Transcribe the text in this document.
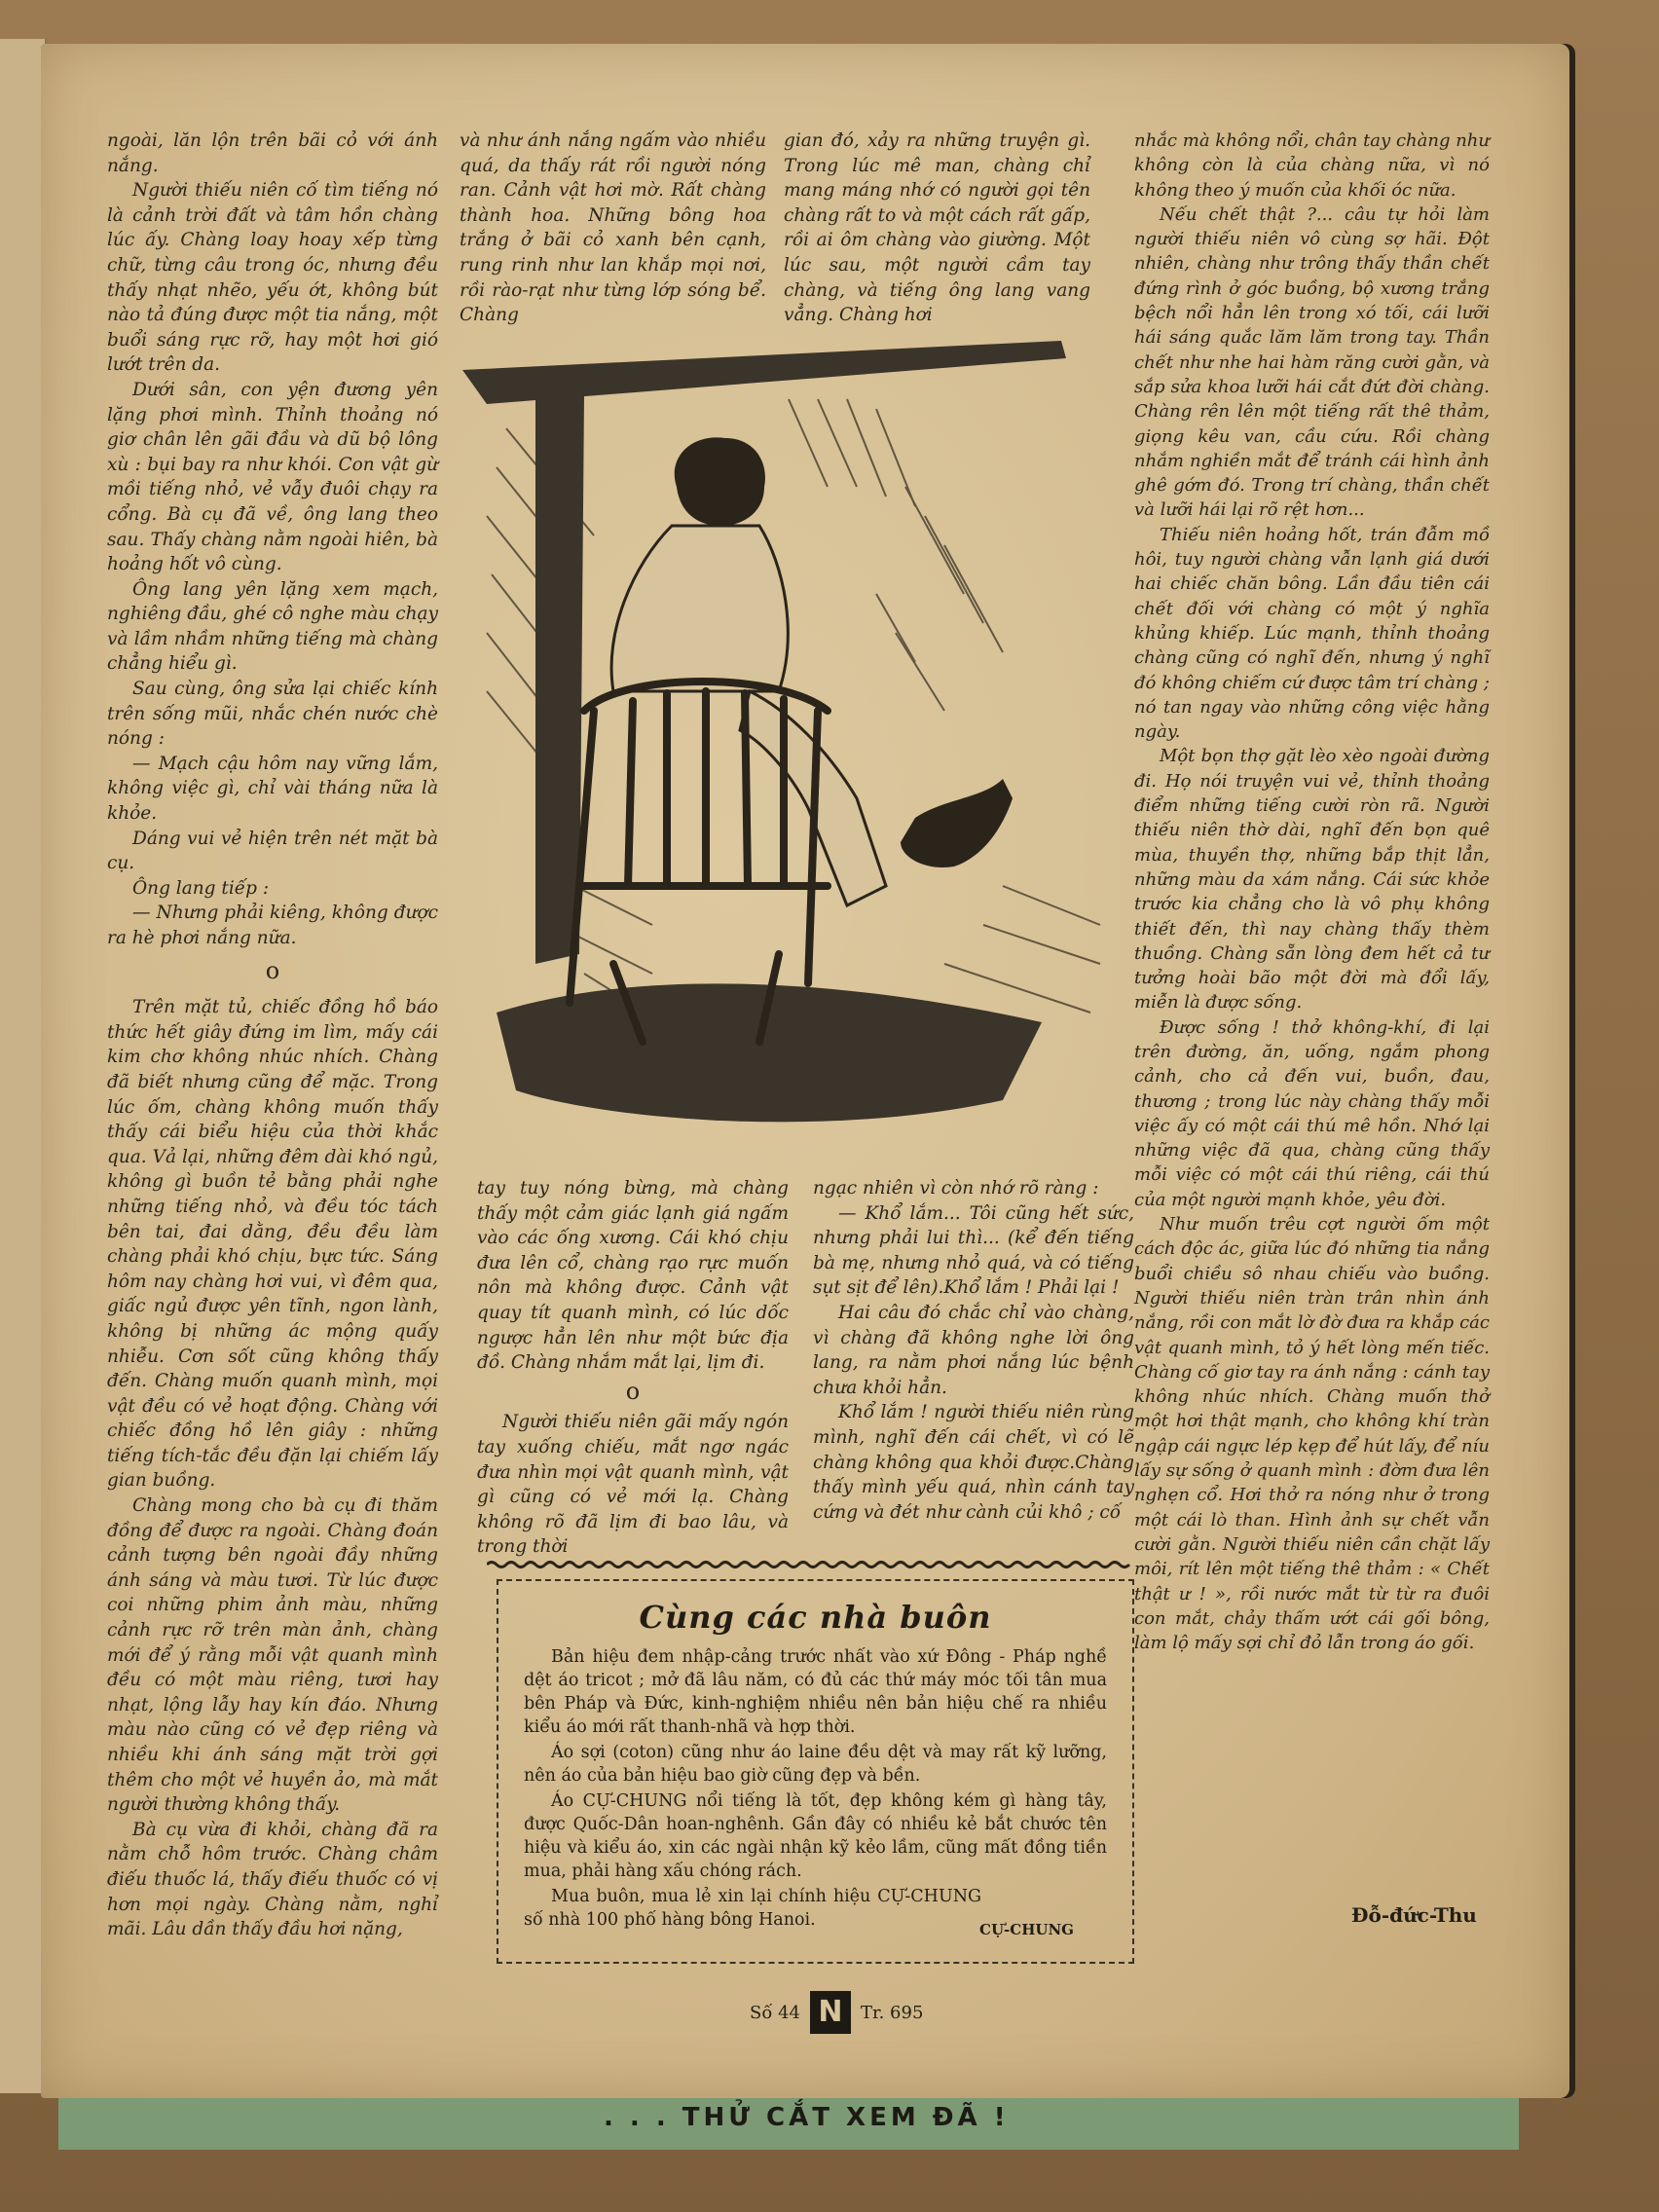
. . . THỬ CẮT XEM ĐÃ !

ngoài, lăn lộn trên bãi cỏ với ánh nắng.

Người thiếu niên cố tìm tiếng nó là cảnh trời đất và tâm hồn chàng lúc ấy. Chàng loay hoay xếp từng chữ, từng câu trong óc, nhưng đều thấy nhạt nhẽo, yếu ớt, không bút nào tả đúng được một tia nắng, một buổi sáng rực rỡ, hay một hơi gió lướt trên da.

Dưới sân, con yện đương yên lặng phơi mình. Thỉnh thoảng nó giơ chân lên gãi đầu và dũ bộ lông xù : bụi bay ra như khói. Con vật gừ mồi tiếng nhỏ, vẻ vẫy đuôi chạy ra cổng. Bà cụ đã về, ông lang theo sau. Thấy chàng nằm ngoài hiên, bà hoảng hốt vô cùng.

Ông lang yên lặng xem mạch, nghiêng đầu, ghé cô nghe màu chạy và lầm nhầm những tiếng mà chàng chẳng hiểu gì.

Sau cùng, ông sửa lại chiếc kính trên sống mũi, nhắc chén nước chè nóng :

— Mạch cậu hôm nay vững lắm, không việc gì, chỉ vài tháng nữa là khỏe.

Dáng vui vẻ hiện trên nét mặt bà cụ.

Ông lang tiếp :

— Nhưng phải kiêng, không được ra hè phơi nắng nữa.

o

Trên mặt tủ, chiếc đồng hồ báo thức hết giây đứng im lìm, mấy cái kim chơ không nhúc nhích. Chàng đã biết nhưng cũng để mặc. Trong lúc ốm, chàng không muốn thấy thấy cái biểu hiệu của thời khắc qua. Vả lại, những đêm dài khó ngủ, không gì buồn tẻ bằng phải nghe những tiếng nhỏ, và đều tóc tách bên tai, đai dằng, đều đều làm chàng phải khó chịu, bực tức. Sáng hôm nay chàng hơi vui, vì đêm qua, giấc ngủ được yên tĩnh, ngon lành, không bị những ác mộng quấy nhiễu. Cơn sốt cũng không thấy đến. Chàng muốn quanh mình, mọi vật đều có vẻ hoạt động. Chàng với chiếc đồng hồ lên giây : những tiếng tích-tắc đều đặn lại chiếm lấy gian buồng.

Chàng mong cho bà cụ đi thăm đồng để được ra ngoài. Chàng đoán cảnh tượng bên ngoài đầy những ánh sáng và màu tươi. Từ lúc được coi những phim ảnh màu, những cảnh rực rỡ trên màn ảnh, chàng mới để ý rằng mỗi vật quanh mình đều có một màu riêng, tươi hay nhạt, lộng lẫy hay kín đáo. Nhưng màu nào cũng có vẻ đẹp riêng và nhiều khi ánh sáng mặt trời gợi thêm cho một vẻ huyền ảo, mà mắt người thường không thấy.

Bà cụ vừa đi khỏi, chàng đã ra nằm chỗ hôm trước. Chàng châm điếu thuốc lá, thấy điếu thuốc có vị hơn mọi ngày. Chàng nằm, nghỉ mãi. Lâu dần thấy đầu hơi nặng,

và như ánh nắng ngấm vào nhiều quá, da thấy rát rồi người nóng ran. Cảnh vật hơi mờ. Rất chàng thành hoa. Những bông hoa trắng ở bãi cỏ xanh bên cạnh, rung rinh như lan khắp mọi nơi, rồi rào-rạt như từng lớp sóng bể. Chàng

gian đó, xảy ra những truyện gì. Trong lúc mê man, chàng chỉ mang máng nhớ có người gọi tên chàng rất to và một cách rất gấp, rồi ai ôm chàng vào giường. Một lúc sau, một người cầm tay chàng, và tiếng ông lang vang vẳng. Chàng hơi

tay tuy nóng bừng, mà chàng thấy một cảm giác lạnh giá ngấm vào các ống xương. Cái khó chịu đưa lên cổ, chàng rạo rực muốn nôn mà không được. Cảnh vật quay tít quanh mình, có lúc dốc ngược hẳn lên như một bức địa đồ. Chàng nhắm mắt lại, lịm đi.

o

Người thiếu niên gãi mấy ngón tay xuống chiếu, mắt ngơ ngác đưa nhìn mọi vật quanh mình, vật gì cũng có vẻ mới lạ. Chàng không rõ đã lịm đi bao lâu, và trong thời

ngạc nhiên vì còn nhớ rõ ràng :

— Khổ lắm... Tôi cũng hết sức, nhưng phải lui thì... (kể đến tiếng bà mẹ, nhưng nhỏ quá, và có tiếng sụt sịt để lên).Khổ lắm ! Phải lại !

Hai câu đó chắc chỉ vào chàng, vì chàng đã không nghe lời ông lang, ra nằm phơi nắng lúc bệnh chưa khỏi hẳn.

Khổ lắm ! người thiếu niên rùng mình, nghĩ đến cái chết, vì có lẽ chàng không qua khỏi được.Chàng thấy mình yếu quá, nhìn cánh tay cứng và đét như cành củi khô ; cố

nhắc mà không nổi, chân tay chàng như không còn là của chàng nữa, vì nó không theo ý muốn của khối óc nữa.

Nếu chết thật ?... câu tự hỏi làm người thiếu niên vô cùng sợ hãi. Đột nhiên, chàng như trông thấy thần chết đứng rình ở góc buồng, bộ xương trắng bệch nổi hẳn lên trong xó tối, cái lưỡi hái sáng quắc lăm lăm trong tay. Thần chết như nhe hai hàm răng cười gằn, và sắp sửa khoa lưỡi hái cắt đứt đời chàng. Chàng rên lên một tiếng rất thê thảm, giọng kêu van, cầu cứu. Rồi chàng nhắm nghiền mắt để tránh cái hình ảnh ghê gớm đó. Trong trí chàng, thần chết và lưỡi hái lại rõ rệt hơn...

Thiếu niên hoảng hốt, trán đẫm mồ hôi, tuy người chàng vẫn lạnh giá dưới hai chiếc chăn bông. Lần đầu tiên cái chết đối với chàng có một ý nghĩa khủng khiếp. Lúc mạnh, thỉnh thoảng chàng cũng có nghĩ đến, nhưng ý nghĩ đó không chiếm cứ được tâm trí chàng ; nó tan ngay vào những công việc hằng ngày.

Một bọn thợ gặt lèo xèo ngoài đường đi. Họ nói truyện vui vẻ, thỉnh thoảng điểm những tiếng cười ròn rã. Người thiếu niên thờ dài, nghĩ đến bọn quê mùa, thuyền thợ, những bắp thịt lẳn, những màu da xám nắng. Cái sức khỏe trước kia chẳng cho là vô phụ không thiết đến, thì nay chàng thấy thèm thuồng. Chàng sẵn lòng đem hết cả tư tưởng hoài bão một đời mà đổi lấy, miễn là được sống.

Được sống ! thở không-khí, đi lại trên đường, ăn, uống, ngắm phong cảnh, cho cả đến vui, buồn, đau, thương ; trong lúc này chàng thấy mỗi việc ấy có một cái thú mê hồn. Nhớ lại những việc đã qua, chàng cũng thấy mỗi việc có một cái thú riêng, cái thú của một người mạnh khỏe, yêu đời.

Như muốn trêu cợt người ốm một cách độc ác, giữa lúc đó những tia nắng buổi chiều sô nhau chiếu vào buồng. Người thiếu niên tràn trân nhìn ánh nắng, rồi con mắt lờ đờ đưa ra khắp các vật quanh mình, tỏ ý hết lòng mến tiếc. Chàng cố giơ tay ra ánh nắng : cánh tay không nhúc nhích. Chàng muốn thở một hơi thật mạnh, cho không khí tràn ngập cái ngực lép kẹp để hút lấy, để níu lấy sự sống ở quanh mình : đờm đưa lên nghẹn cổ. Hơi thở ra nóng như ở trong một cái lò than. Hình ảnh sự chết vẫn cười gằn. Người thiếu niên cần chặt lấy môi, rít lên một tiếng thê thảm : « Chết thật ư ! », rồi nước mắt từ từ ra đuôi con mắt, chảy thấm ướt cái gối bông, làm lộ mấy sợi chỉ đỏ lẫn trong áo gối.

Đỗ-đức-Thu
Cùng các nhà buôn

Bản hiệu đem nhập-cảng trước nhất vào xứ Đông - Pháp nghề dệt áo tricot ; mở đã lâu năm, có đủ các thứ máy móc tối tân mua bên Pháp và Đức, kinh-nghiệm nhiều nên bản hiệu chế ra nhiều kiểu áo mới rất thanh-nhã và hợp thời.

Áo sợi (coton) cũng như áo laine đều dệt và may rất kỹ lưỡng, nên áo của bản hiệu bao giờ cũng đẹp và bền.

Áo CỰ-CHUNG nổi tiếng là tốt, đẹp không kém gì hàng tây, được Quốc-Dân hoan-nghênh. Gần đây có nhiều kẻ bắt chước tên hiệu và kiểu áo, xin các ngài nhận kỹ kẻo lầm, cũng mất đồng tiền mua, phải hàng xấu chóng rách.

Mua buôn, mua lẻ xin lại chính hiệu CỰ-CHUNG số nhà 100 phố hàng bông Hanoi.	CỰ-CHUNG
Số 44 N	Tr. 695
